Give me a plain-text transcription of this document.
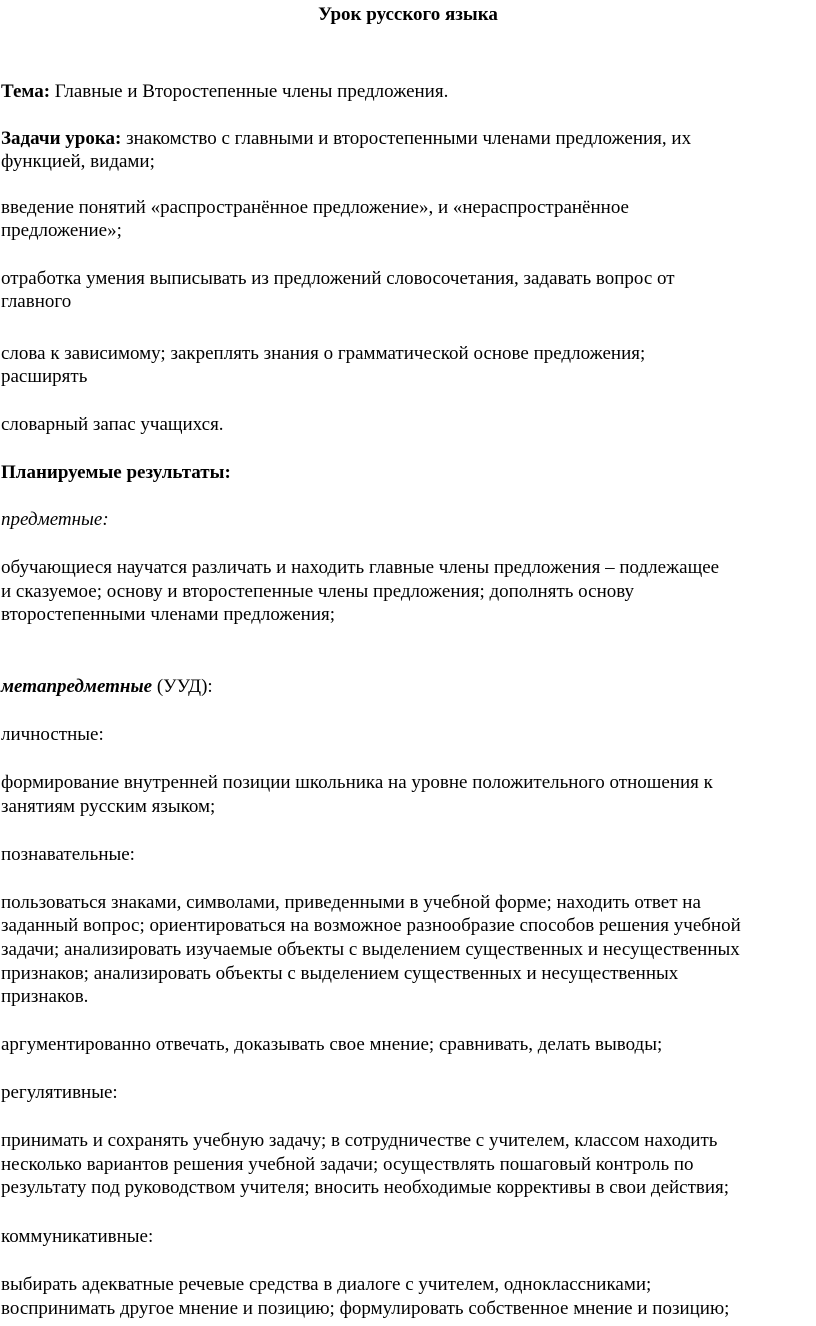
Урок русского языка

Тема: Главные и Второстепенные члены предложения.

Задачи урока: знакомство с главными и второстепенными членами предложения, их

функцией, видами;

введение понятий «распространённое предложение», и «нераспространённое

предложение»;

отработка умения выписывать из предложений словосочетания, задавать вопрос от

главного

слова к зависимому; закреплять знания о грамматической основе предложения;

расширять

словарный запас учащихся.

Планируемые результаты:

предметные:

обучающиеся научатся различать и находить главные члены предложения – подлежащее

и сказуемое; основу и второстепенные члены предложения; дополнять основу

второстепенными членами предложения;

метапредметные (УУД):

личностные:

формирование внутренней позиции школьника на уровне положительного отношения к

занятиям русским языком;

познавательные:

пользоваться знаками, символами, приведенными в учебной форме; находить ответ на

заданный вопрос; ориентироваться на возможное разнообразие способов решения учебной

задачи; анализировать изучаемые объекты с выделением существенных и несущественных

признаков; анализировать объекты с выделением существенных и несущественных

признаков.

аргументированно отвечать, доказывать свое мнение; сравнивать, делать выводы;

регулятивные:

принимать и сохранять учебную задачу; в сотрудничестве с учителем, классом находить

несколько вариантов решения учебной задачи; осуществлять пошаговый контроль по

результату под руководством учителя; вносить необходимые коррективы в свои действия;

коммуникативные:

выбирать адекватные речевые средства в диалоге с учителем, одноклассниками;

воспринимать другое мнение и позицию; формулировать собственное мнение и позицию;
